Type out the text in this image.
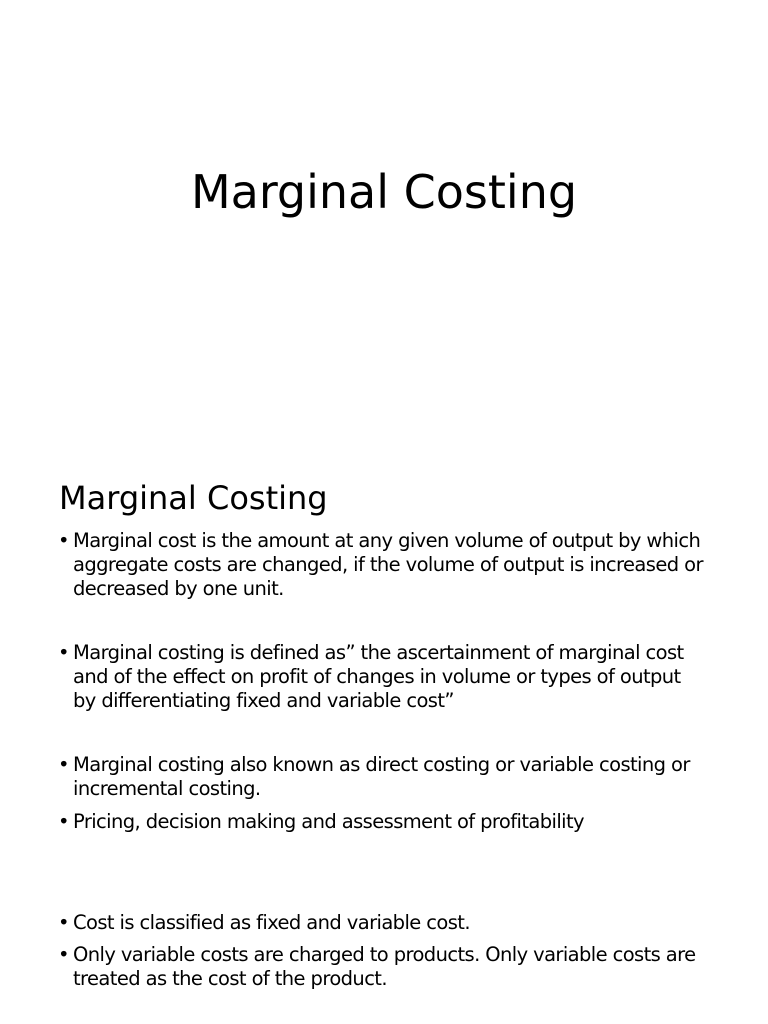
Marginal Costing
Marginal Costing
• Marginal cost is the amount at any given volume of output by which aggregate costs are changed, if the volume of output is increased or decreased by one unit.
• Marginal costing is defined as” the ascertainment of marginal cost and of the effect on profit of changes in volume or types of output by differentiating fixed and variable cost”
• Marginal costing also known as direct costing or variable costing or incremental costing.
• Pricing, decision making and assessment of profitability
• Cost is classified as fixed and variable cost.
• Only variable costs are charged to products. Only variable costs are treated as the cost of the product.
